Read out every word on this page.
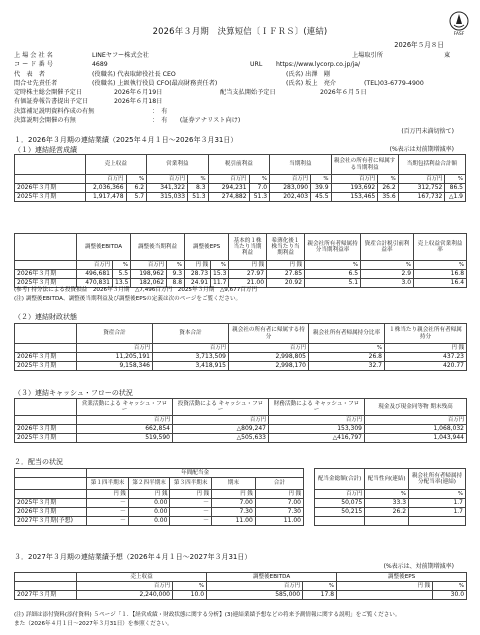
FASF
2026年３月期　決算短信〔ＩＦＲＳ〕(連結)
2026年５月８日
上 場 会 社 名	LINEヤフー株式会社	上場取引所	東
コ ー ド 番 号	4689	URL https://www.lycorp.co.jp/ja/
代　表　者	(役職名) 代表取締役社長 CEO	(氏名) 出澤　剛
問合せ先責任者	(役職名) 上級執行役員 CFO(最高財務責任者)	(氏名) 坂上　亮介	(TEL)03-6779-4900
定時株主総会開催予定日	2026年６月19日	配当支払開始予定日	2026年６月５日
有価証券報告書提出予定日	2026年６月18日
決算補足説明資料作成の有無	：　有
決算説明会開催の有無	：　有　　(証券アナリスト向け)
(百万円未満切捨て)
１．2026年３月期の連結業績（2025年４月１日～2026年３月31日）
（１）連結経営成績	(%表示は対前期増減率)
	売上収益		営業利益		税引前利益		当期利益		親会社の所有者に帰属する当期利益		当期包括利益合計額	
	百万円	%	百万円	%	百万円	%	百万円	%	百万円	%	百万円	%
2026年３月期	2,036,366	6.2	341,322	8.3	294,231	7.0	283,090	39.9	193,692	26.2	312,752	86.5
2025年３月期	1,917,478	5.7	315,033	51.3	274,882	51.3	202,403	45.5	153,465	35.6	167,732	△1.9
	調整後EBITDA		調整後当期利益		調整後EPS		基本的１株当たり当期利益	希薄化後１株当たり当期利益	親会社所有者帰属持分当期利益率	資産合計税引前利益率	売上収益営業利益率
	百万円	%	百万円	%	円 銭	%	円 銭	円 銭	%	%	%
2026年３月期	496,681	5.5	198,962	9.3	28.73	15.3	27.97	27.85	6.5	2.9	16.8
2025年３月期	470,831	13.5	182,062	8.8	24.91	11.7	21.00	20.92	5.1	3.0	16.4
(参考) 持分法による投資損益　2026年３月期　△7,496百万円　2025年３月期　△9,677百万円
(注) 調整後EBITDA、調整後当期利益及び調整後EPSの定義は次のページをご覧ください。
（２）連結財政状態
	資産合計	資本合計	親会社の所有者に帰属する持分	親会社所有者帰属持分比率	１株当たり親会社所有者帰属持分
	百万円	百万円	百万円	%	円 銭
2026年３月期	11,205,191	3,713,509	2,998,805	26.8	437.23
2025年３月期	9,158,346	3,418,915	2,998,170	32.7	420.77
（３）連結キャッシュ・フローの状況
	営業活動による キャッシュ・フロー	投資活動による キャッシュ・フロー	財務活動による キャッシュ・フロー	現金及び現金同等物 期末残高
	百万円	百万円	百万円	百万円
2026年３月期	662,854	△809,247	153,309	1,068,032
2025年３月期	519,590	△505,633	△416,797	1,043,944
２．配当の状況
	年間配当金						配当金総額(合計)	配当性向(連結)	親会社所有者帰属持分配当率(連結)
	第１四半期末	第２四半期末	第３四半期末	期末	合計				
	円 銭	円 銭	円 銭	円 銭	円 銭		百万円	%	%
2025年３月期	－	0.00	－	7.00	7.00		50,075	33.3	1.7
2026年３月期	－	0.00	－	7.30	7.30		50,215	26.2	1.7
2027年３月期(予想)	－	0.00	－	11.00	11.00				
３．2027年３月期の連結業績予想（2026年４月１日～2027年３月31日）
(%表示は、対前期増減率)
	売上収益		調整後EBITDA		調整後EPS	
	百万円	%	百万円	%	円 銭	%
2027年３月期	2,240,000	10.0	585,000	17.8		30.0
(注) 詳細は添付資料(添付資料) ５ページ「１．【経営成績・財政状態に関する分析】(3)連結業績予想などの将来予測情報に関する説明」をご覧ください。
また（2026年４月１日～2027年３月31日）を参照ください。
